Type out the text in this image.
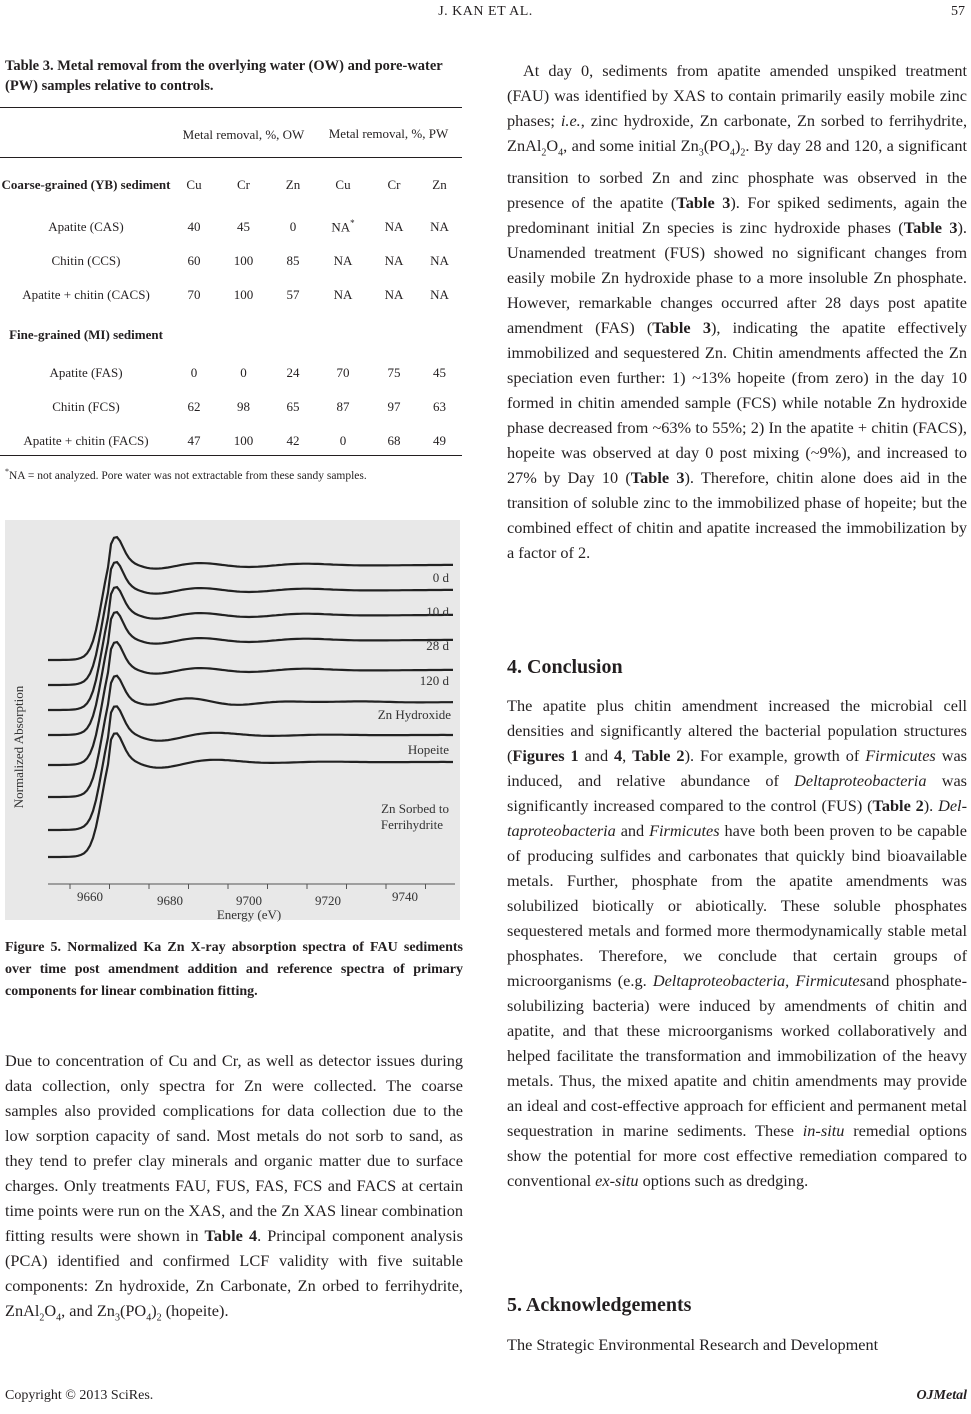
J. KAN ET AL.	57
Table 3. Metal removal from the overlying water (OW) and pore-water (PW) samples relative to controls.
	Metal removal, %, OW			Metal removal, %, PW		
Coarse-grained (YB) sediment	Cu	Cr	Zn	Cu	Cr	Zn
Apatite (CAS)	40	45	0	NA*	NA	NA
Chitin (CCS)	60	100	85	NA	NA	NA
Apatite + chitin (CACS)	70	100	57	NA	NA	NA
Fine-grained (MI) sediment						
Apatite (FAS)	0	0	24	70	75	45
Chitin (FCS)	62	98	65	87	97	63
Apatite + chitin (FACS)	47	100	42	0	68	49
*NA = not analyzed. Pore water was not extractable from these sandy samples.
9660	9680	9700	9720	9740
Energy (eV)
Normalized Absorption
0 d
10 d
28 d
120 d
Zn Hydroxide
Hopeite
Zn Sorbed to
Ferrihydrite
Figure 5. Normalized Ka Zn X-ray absorption spectra of FAU sediments over time post amendment addition and reference spectra of primary components for linear combination fitting.
Due to concentration of Cu and Cr, as well as detector issues during data collection, only spectra for Zn were collected. The coarse samples also provided complications for data collection due to the low sorption capacity of sand. Most metals do not sorb to sand, as they tend to prefer clay minerals and organic matter due to surface charges. Only treatments FAU, FUS, FAS, FCS and FACS at certain time points were run on the XAS, and the Zn XAS linear combination fitting results were shown in Table 4. Principal component analysis (PCA) identified and confirmed LCF validity with five suitable components: Zn hydroxide, Zn Carbonate, Zn orbed to ferrihydrite, $ZnAl_2O_4$, and $Zn_3(PO_4)_2$ (hopeite).
At day 0, sediments from apatite amended unspiked treatment (FAU) was identified by XAS to contain primarily easily mobile zinc phases; i.e., zinc hydroxide, Zn carbonate, Zn sorbed to ferrihydrite, $ZnAl_2O_4$, and some initial $Zn_3(PO_4)_2$. By day 28 and 120, a significant transition to sorbed Zn and zinc phosphate was observed in the presence of the apatite (Table 3). For spiked sediments, again the predominant initial Zn species is zinc hydroxide phases (Table 3). Unamended treatment (FUS) showed no significant changes from easily mobile Zn hydroxide phase to a more insoluble Zn phosphate. However, remarkable changes occurred after 28 days post apatite amendment (FAS) (Table 3), indicating the apatite effectively immobilized and sequestered Zn. Chitin amendments affected the Zn speciation even further: 1) ~13% hopeite (from zero) in the day 10 formed in chitin amended sample (FCS) while notable Zn hydroxide phase decreased from ~63% to 55%; 2) In the apatite + chitin (FACS), hopeite was observed at day 0 post mixing (~9%), and increased to 27% by Day 10 (Table 3). Therefore, chitin alone does aid in the transition of soluble zinc to the immobilized phase of hopeite; but the combined effect of chitin and apatite increased the immobilization by a factor of 2.
4. Conclusion
The apatite plus chitin amendment increased the microbial cell densities and significantly altered the bacterial population structures (Figures 1 and 4, Table 2). For example, growth of Firmicutes was induced, and relative abundance of Deltaproteobacteria was significantly increased compared to the control (FUS) (Table 2). Deltaproteobacteria and Firmicutes have both been proven to be capable of producing sulfides and carbonates that quickly bind bioavailable metals. Further, phosphate from the apatite amendments was solubilized biotically or abiotically. These soluble phosphates sequestered metals and formed more thermodynamically stable metal phosphates. Therefore, we conclude that certain groups of microorganisms (e.g. Deltaproteobacteria, Firmicutesand phosphate-solubilizing bacteria) were induced by amendments of chitin and apatite, and that these microorganisms worked collaboratively and helped facilitate the transformation and immobilization of the heavy metals. Thus, the mixed apatite and chitin amendments may provide an ideal and cost-effective approach for efficient and permanent metal sequestration in marine sediments. These in-situ remedial options show the potential for more cost effective remediation compared to conventional ex-situ options such as dredging.
5. Acknowledgements
The Strategic Environmental Research and Development
Copyright © 2013 SciRes.	OJMetal
